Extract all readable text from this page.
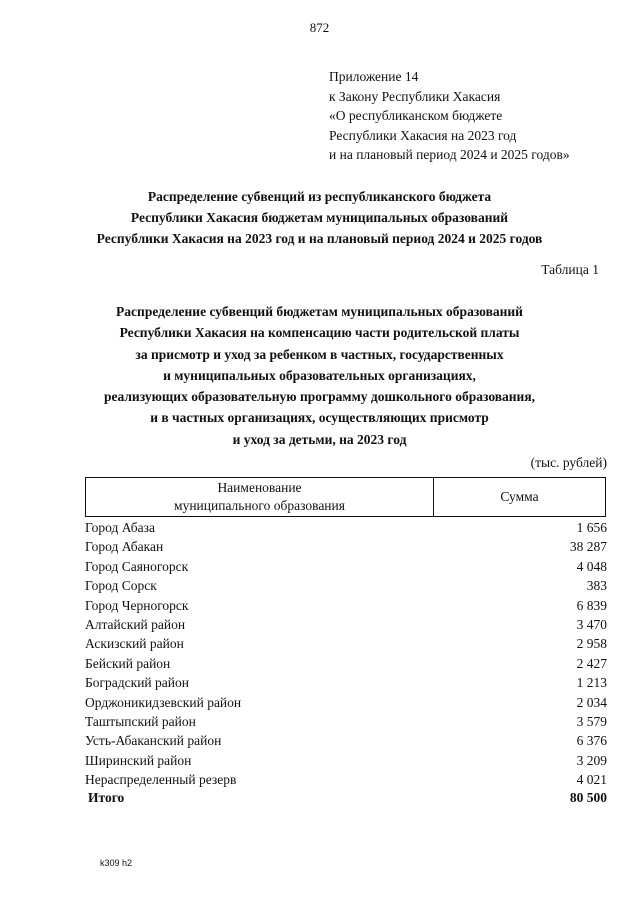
872
Приложение 14
к Закону Республики Хакасия
«О республиканском бюджете
Республики Хакасия на 2023 год
и на плановый период 2024 и 2025 годов»
Распределение субвенций из республиканского бюджета
Республики Хакасия бюджетам муниципальных образований
Республики Хакасия на 2023 год и на плановый период 2024 и 2025 годов
Таблица 1
Распределение субвенций бюджетам муниципальных образований
Республики Хакасия на компенсацию части родительской платы
за присмотр и уход за ребенком в частных, государственных
и муниципальных образовательных организациях,
реализующих образовательную программу дошкольного образования,
и в частных организациях, осуществляющих присмотр
и уход за детьми, на 2023 год
(тыс. рублей)
Наименование
муниципального образования
Сумма
Город Абаза	1 656
Город Абакан	38 287
Город Саяногорск	4 048
Город Сорск	383
Город Черногорск	6 839
Алтайский район	3 470
Аскизский район	2 958
Бейский район	2 427
Боградский район	1 213
Орджоникидзевский район	2 034
Таштыпский район	3 579
Усть-Абаканский район	6 376
Ширинский район	3 209
Нераспределенный резерв	4 021
Итого	80 500
k309 h2
